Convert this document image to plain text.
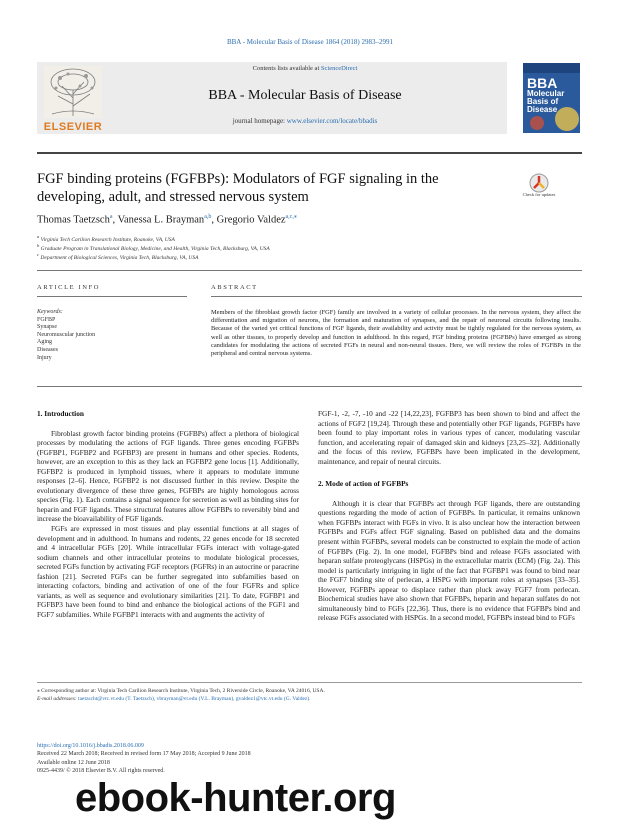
BBA - Molecular Basis of Disease 1864 (2018) 2983–2991
ELSEVIER
Contents lists available at ScienceDirect
BBA - Molecular Basis of Disease
journal homepage: www.elsevier.com/locate/bbadis
BBA
Molecular
Basis of
Disease
FGF binding proteins (FGFBPs): Modulators of FGF signaling in the developing, adult, and stressed nervous system	Check for updates
Thomas Taetzsch$^a$, Vanessa L. Brayman$^{a,b}$, Gregorio Valdez$^{a,c,⁎}$
$^a$ Virginia Tech Carilion Research Institute, Roanoke, VA, USA
$^b$ Graduate Program in Translational Biology, Medicine, and Health, Virginia Tech, Blacksburg, VA, USA
$^c$ Department of Biological Sciences, Virginia Tech, Blacksburg, VA, USA
ARTICLE INFO	ABSTRACT
Keywords:
FGFBP
Synapse
Neuromuscular junction
Aging
Diseases
Injury
Members of the fibroblast growth factor (FGF) family are involved in a variety of cellular processes. In the nervous system, they affect the differentiation and migration of neurons, the formation and maturation of synapses, and the repair of neuronal circuits following insults. Because of the varied yet critical functions of FGF ligands, their availability and activity must be tightly regulated for the nervous system, as well as other tissues, to properly develop and function in adulthood. In this regard, FGF binding proteins (FGFBPs) have emerged as strong candidates for modulating the actions of secreted FGFs in neural and non-neural tissues. Here, we will review the roles of FGFBPs in the peripheral and central nervous systems.
1. Introduction

Fibroblast growth factor binding proteins (FGFBPs) affect a plethora of biological processes by modulating the actions of FGF ligands. Three genes encoding FGFBPs (FGFBP1, FGFBP2 and FGFBP3) are present in humans and other species. Rodents, however, are an exception to this as they lack an FGFBP2 gene locus [1]. Additionally, FGFBP2 is produced in lymphoid tissues, where it appears to modulate immune responses [2–6]. Hence, FGFBP2 is not discussed further in this review. Despite the evolutionary divergence of these three genes, FGFBPs are highly homologous across species (Fig. 1). Each contains a signal sequence for secretion as well as binding sites for heparin and FGF ligands. These structural features allow FGFBPs to reversibly bind and increase the bioavailability of FGF ligands.

FGFs are expressed in most tissues and play essential functions at all stages of development and in adulthood. In humans and rodents, 22 genes encode for 18 secreted and 4 intracellular FGFs [20]. While intracellular FGFs interact with voltage-gated sodium channels and other intracellular proteins to modulate biological processes, secreted FGFs function by activating FGF receptors (FGFRs) in an autocrine or paracrine fashion [21]. Secreted FGFs can be further segregated into subfamilies based on interacting cofactors, binding and activation of one of the four FGFRs and splice variants, as well as sequence and evolutionary similarities [21]. To date, FGFBP1 and FGFBP3 have been found to bind and enhance the biological actions of the FGF1 and FGF7 subfamilies. While FGFBP1 interacts with and augments the activity of

FGF-1, -2, -7, -10 and -22 [14,22,23], FGFBP3 has been shown to bind and affect the actions of FGF2 [19,24]. Through these and potentially other FGF ligands, FGFBPs have been found to play important roles in various types of cancer, modulating vascular function, and accelerating repair of damaged skin and kidneys [23,25–32]. Additionally and the focus of this review, FGFBPs have been implicated in the development, maintenance, and repair of neural circuits.

2. Mode of action of FGFBPs

Although it is clear that FGFBPs act through FGF ligands, there are outstanding questions regarding the mode of action of FGFBPs. In particular, it remains unknown when FGFBPs interact with FGFs in vivo. It is also unclear how the interaction between FGFBPs and FGFs affect FGF signaling. Based on published data and the domains present within FGFBPs, several models can be constructed to explain the mode of action of FGFBPs (Fig. 2). In one model, FGFBPs bind and release FGFs associated with heparan sulfate proteoglycans (HSPGs) in the extracellular matrix (ECM) (Fig. 2a). This model is particularly intriguing in light of the fact that FGFBP1 was found to bind near the FGF7 binding site of perlecan, a HSPG with important roles at synapses [33–35]. However, FGFBPs appear to displace rather than pluck away FGF7 from perlecan. Biochemical studies have also shown that FGFBPs, heparin and heparan sulfates do not simultaneously bind to FGFs [22,36]. Thus, there is no evidence that FGFBPs bind and release FGFs associated with HSPGs. In a second model, FGFBPs instead bind to FGFs

⁎ Corresponding author at: Virginia Tech Carilion Research Institute, Virginia Tech, 2 Riverside Circle, Roanoke, VA 24016, USA.
E-mail addresses: taetzscht@vtc.vt.edu (T. Taetzsch), vbrayman@vt.edu (V.L. Brayman), gvaldez1@vtc.vt.edu (G. Valdez).
https://doi.org/10.1016/j.bbadis.2018.06.009
Received 22 March 2018; Received in revised form 17 May 2018; Accepted 9 June 2018
Available online 12 June 2018
0925-4439/ © 2018 Elsevier B.V. All rights reserved.
ebook-hunter.org
